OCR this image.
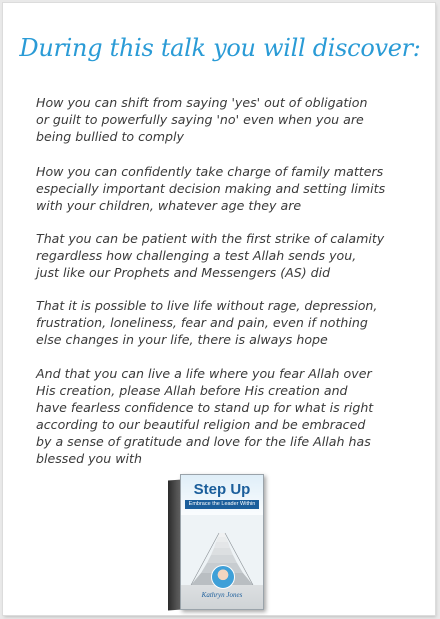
During this talk you will discover:

How you can shift from saying 'yes' out of obligation
or guilt to powerfully saying 'no' even when you are
being bullied to comply

How you can confidently take charge of family matters
especially important decision making and setting limits
with your children, whatever age they are

That you can be patient with the first strike of calamity
regardless how challenging a test Allah sends you,
just like our Prophets and Messengers (AS) did

That it is possible to live life without rage, depression,
frustration, loneliness, fear and pain, even if nothing
else changes in your life, there is always hope

And that you can live a life where you fear Allah over
His creation, please Allah before His creation and
have fearless confidence to stand up for what is right
according to our beautiful religion and be embraced
by a sense of gratitude and love for the life Allah has
blessed you with

Step Up
Embrace the Leader Within
Kathryn Jones
